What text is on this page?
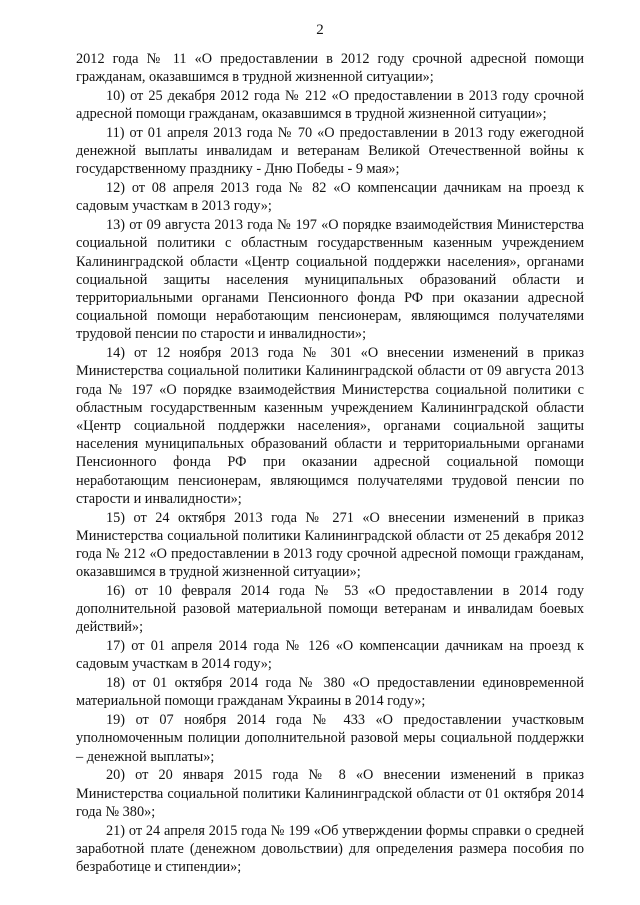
2

2012 года № 11 «О предоставлении в 2012 году срочной адресной помощи гражданам, оказавшимся в трудной жизненной ситуации»;

10) от 25 декабря 2012 года № 212 «О предоставлении в 2013 году срочной адресной помощи гражданам, оказавшимся в трудной жизненной ситуации»;

11) от 01 апреля 2013 года № 70 «О предоставлении в 2013 году ежегодной денежной выплаты инвалидам и ветеранам Великой Отечественной войны к государственному празднику - Дню Победы - 9 мая»;

12) от 08 апреля 2013 года № 82 «О компенсации дачникам на проезд к садовым участкам в 2013 году»;

13) от 09 августа 2013 года № 197 «О порядке взаимодействия Министерства социальной политики с областным государственным казенным учреждением Калининградской области «Центр социальной поддержки населения», органами социальной защиты населения муниципальных образований области и территориальными органами Пенсионного фонда РФ при оказании адресной социальной помощи неработающим пенсионерам, являющимся получателями трудовой пенсии по старости и инвалидности»;

14) от 12 ноября 2013 года № 301 «О внесении изменений в приказ Министерства социальной политики Калининградской области от 09 августа 2013 года № 197 «О порядке взаимодействия Министерства социальной политики с областным государственным казенным учреждением Калининградской области «Центр социальной поддержки населения», органами социальной защиты населения муниципальных образований области и территориальными органами Пенсионного фонда РФ при оказании адресной социальной помощи неработающим пенсионерам, являющимся получателями трудовой пенсии по старости и инвалидности»;

15) от 24 октября 2013 года № 271 «О внесении изменений в приказ Министерства социальной политики Калининградской области от 25 декабря 2012 года № 212 «О предоставлении в 2013 году срочной адресной помощи гражданам, оказавшимся в трудной жизненной ситуации»;

16) от 10 февраля 2014 года № 53 «О предоставлении в 2014 году дополнительной разовой материальной помощи ветеранам и инвалидам боевых действий»;

17) от 01 апреля 2014 года № 126 «О компенсации дачникам на проезд к садовым участкам в 2014 году»;

18) от 01 октября 2014 года № 380 «О предоставлении единовременной материальной помощи гражданам Украины в 2014 году»;

19) от 07 ноября 2014 года № 433 «О предоставлении участковым уполномоченным полиции дополнительной разовой меры социальной поддержки – денежной выплаты»;

20) от 20 января 2015 года № 8 «О внесении изменений в приказ Министерства социальной политики Калининградской области от 01 октября 2014 года № 380»;

21) от 24 апреля 2015 года № 199 «Об утверждении формы справки о средней заработной плате (денежном довольствии) для определения размера пособия по безработице и стипендии»;
